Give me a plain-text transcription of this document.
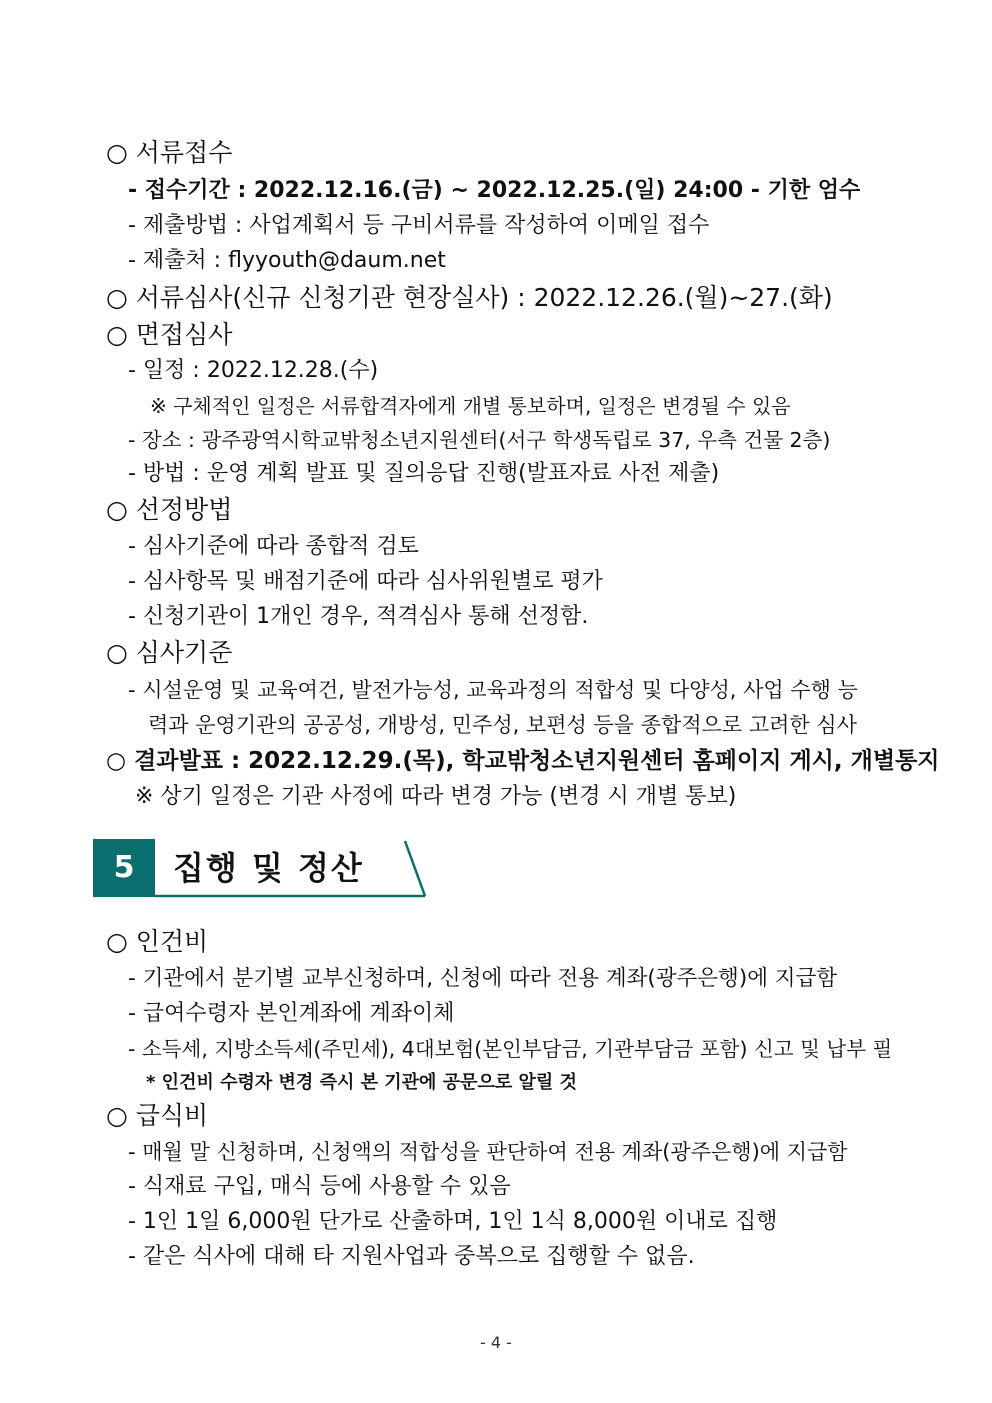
○ 서류접수
- 접수기간 : 2022.12.16.(금) ~ 2022.12.25.(일) 24:00 - 기한 엄수
- 제출방법 : 사업계획서 등 구비서류를 작성하여 이메일 접수
- 제출처 : flyyouth@daum.net
○ 서류심사(신규 신청기관 현장실사) : 2022.12.26.(월)~27.(화)
○ 면접심사
- 일정 : 2022.12.28.(수)
※ 구체적인 일정은 서류합격자에게 개별 통보하며, 일정은 변경될 수 있음
- 장소 : 광주광역시학교밖청소년지원센터(서구 학생독립로 37, 우측 건물 2층)
- 방법 : 운영 계획 발표 및 질의응답 진행(발표자료 사전 제출)
○ 선정방법
- 심사기준에 따라 종합적 검토
- 심사항목 및 배점기준에 따라 심사위원별로 평가
- 신청기관이 1개인 경우, 적격심사 통해 선정함.
○ 심사기준
- 시설운영 및 교육여건, 발전가능성, 교육과정의 적합성 및 다양성, 사업 수행 능
력과 운영기관의 공공성, 개방성, 민주성, 보편성 등을 종합적으로 고려한 심사
○ 결과발표 : 2022.12.29.(목), 학교밖청소년지원센터 홈페이지 게시, 개별통지
※ 상기 일정은 기관 사정에 따라 변경 가능 (변경 시 개별 통보)
5	집행 및 정산
○ 인건비
- 기관에서 분기별 교부신청하며, 신청에 따라 전용 계좌(광주은행)에 지급함
- 급여수령자 본인계좌에 계좌이체
- 소득세, 지방소득세(주민세), 4대보험(본인부담금, 기관부담금 포함) 신고 및 납부 필
* 인건비 수령자 변경 즉시 본 기관에 공문으로 알릴 것
○ 급식비
- 매월 말 신청하며, 신청액의 적합성을 판단하여 전용 계좌(광주은행)에 지급함
- 식재료 구입, 매식 등에 사용할 수 있음
- 1인 1일 6,000원 단가로 산출하며, 1인 1식 8,000원 이내로 집행
- 같은 식사에 대해 타 지원사업과 중복으로 집행할 수 없음.
- 4 -
